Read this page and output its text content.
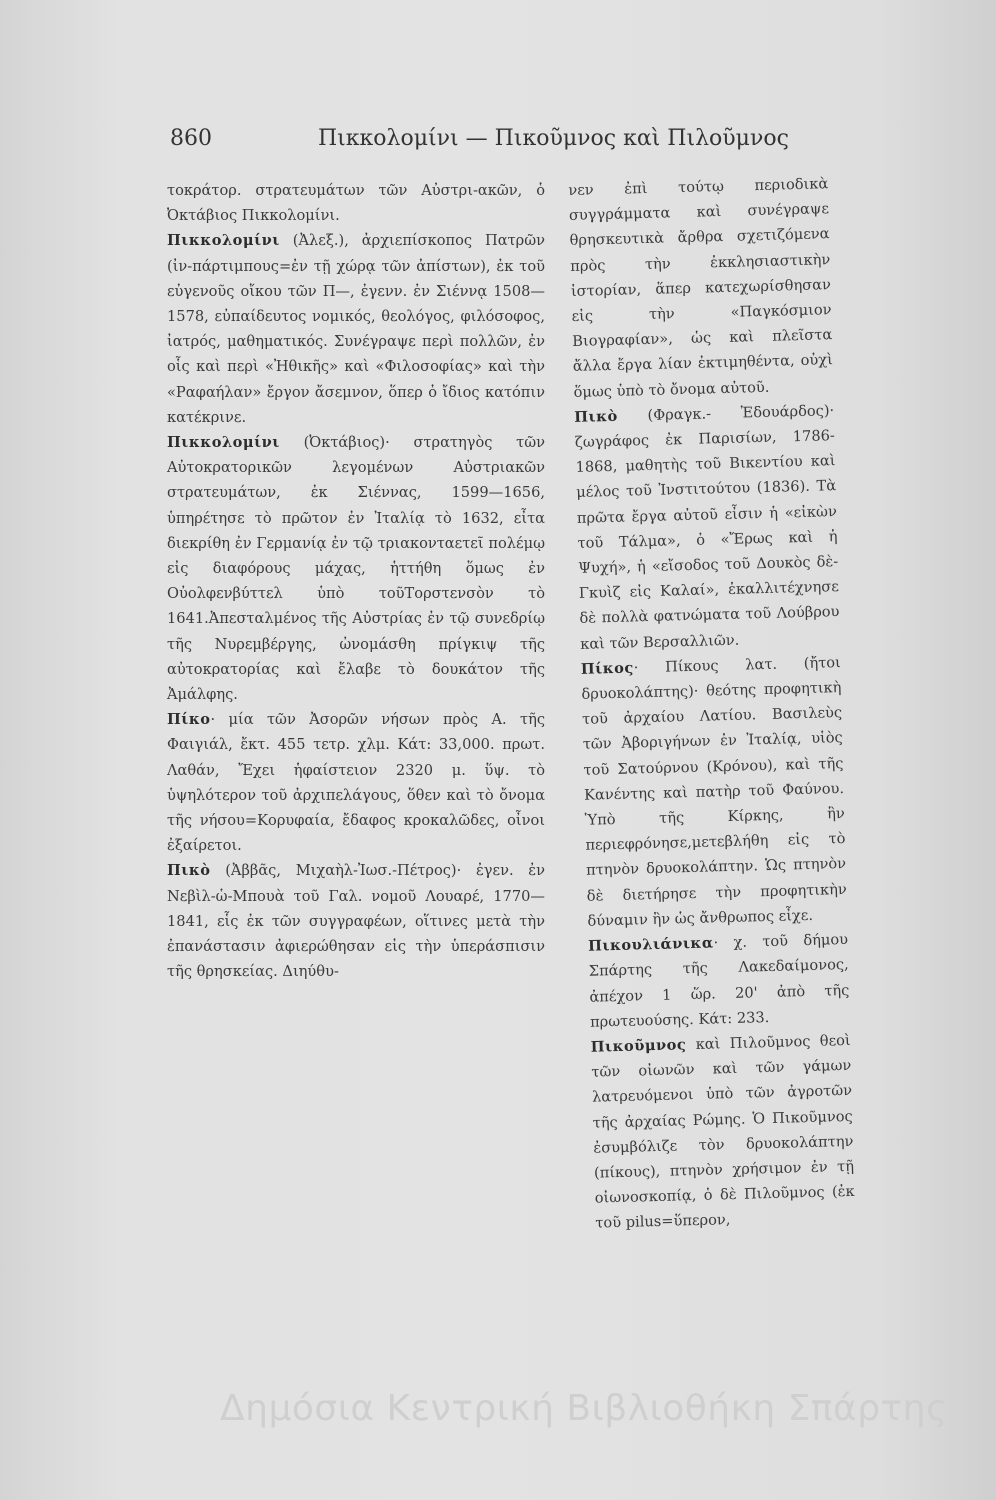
860	Πικκολομίνι — Πικοῦμνος καὶ Πιλοῦμνος

τοκράτορ. στρατευμάτων τῶν Αὐστρι-ακῶν, ὁ Ὀκτάβιος Πικκολομίνι.

Πικκολομίνι (Ἀλεξ.), ἀρχιεπίσκοπος Πατρῶν (ἰν-πάρτιμπους=ἐν τῇ χώρᾳ τῶν ἀπίστων), ἐκ τοῦ εὐγενοῦς οἴκου τῶν Π—, ἐγενν. ἐν Σιέννᾳ 1508—1578, εὐπαίδευτος νομικός, θεολόγος, φιλόσοφος, ἰατρός, μαθηματικός. Συνέγραψε περὶ πολλῶν, ἐν οἷς καὶ περὶ «Ἠθικῆς» καὶ «Φιλοσοφίας» καὶ τὴν «Ραφαήλαν» ἔργον ἄσεμνον, ὅπερ ὁ ἴδιος κατόπιν κατέκρινε.

Πικκολομίνι (Ὀκτάβιος)· στρατηγὸς τῶν Αὐτοκρατορικῶν λεγομένων Αὐστριακῶν στρατευμάτων, ἐκ Σιέννας, 1599—1656, ὑπηρέτησε τὸ πρῶτον ἐν Ἰταλίᾳ τὸ 1632, εἶτα διεκρίθη ἐν Γερμανίᾳ ἐν τῷ τριακονταετεῖ πολέμῳ εἰς διαφόρους μάχας, ἡττήθη ὅμως ἐν Οὐολφενβύττελ ὑπὸ τοῦΤορστενσὸν τὸ 1641.Ἀπεσταλμένος τῆς Αὐστρίας ἐν τῷ συνεδρίῳ τῆς Νυρεμβέργης, ὠνομάσθη πρίγκιψ τῆς αὐτοκρατορίας καὶ ἔλαβε τὸ δουκάτον τῆς Ἀμάλφης.

Πίκο· μία τῶν Ἀσορῶν νήσων πρὸς Α. τῆς Φαιγιάλ, ἔκτ. 455 τετρ. χλμ. Κάτ: 33,000. πρωτ. Λαθάν, Ἔχει ἡφαίστειον 2320 μ. ὕψ. τὸ ὑψηλότερον τοῦ ἀρχιπελάγους, ὅθεν καὶ τὸ ὄνομα τῆς νήσου=Κορυφαία, ἔδαφος κροκαλῶδες, οἶνοι ἐξαίρετοι.

Πικὸ (Ἀββᾶς, Μιχαὴλ-Ἰωσ.-Πέτρος)· ἐγεν. ἐν Νεβὶλ-ὡ-Μπουὰ τοῦ Γαλ. νομοῦ Λουαρέ, 1770—1841, εἷς ἐκ τῶν συγγραφέων, οἵτινες μετὰ τὴν ἐπανάστασιν ἀφιερώθησαν εἰς τὴν ὑπεράσπισιν τῆς θρησκείας. Διηύθυ-

νεν ἐπὶ τούτῳ περιοδικὰ συγγράμματα καὶ συνέγραψε θρησκευτικὰ ἄρθρα σχετιζόμενα πρὸς τὴν ἐκκλησιαστικὴν ἱστορίαν, ἅπερ κατεχωρίσθησαν εἰς τὴν «Παγκόσμιον Βιογραφίαν», ὡς καὶ πλεῖστα ἄλλα ἔργα λίαν ἐκτιμηθέντα, οὐχὶ ὅμως ὑπὸ τὸ ὄνομα αὐτοῦ.

Πικὸ (Φραγκ.- Ἐδουάρδος)· ζωγράφος ἐκ Παρισίων, 1786-1868, μαθητὴς τοῦ Βικεντίου καὶ μέλος τοῦ Ἰνστιτούτου (1836). Τὰ πρῶτα ἔργα αὐτοῦ εἶσιν ἡ «εἰκὼν τοῦ Τάλμα», ὁ «Ἔρως καὶ ἡ Ψυχή», ἡ «εἴσοδος τοῦ Δουκὸς δὲ-Γκυὶζ εἰς Καλαί», ἐκαλλιτέχνησε δὲ πολλὰ φατνώματα τοῦ Λούβρου καὶ τῶν Βερσαλλιῶν.

Πίκος· Πίκους λατ. (ἤτοι δρυοκολάπτης)· θεότης προφητικὴ τοῦ ἀρχαίου Λατίου. Βασιλεὺς τῶν Ἀβοριγήνων ἐν Ἰταλίᾳ, υἱὸς τοῦ Σατούρνου (Κρόνου), καὶ τῆς Κανέντης καὶ πατὴρ τοῦ Φαύνου. Ὑπὸ τῆς Κίρκης, ἣν περιεφρόνησε,μετεβλήθη εἰς τὸ πτηνὸν δρυοκολάπτην. Ὡς πτηνὸν δὲ διετήρησε τὴν προφητικὴν δύναμιν ἣν ὡς ἄνθρωπος εἶχε.

Πικουλιάνικα· χ. τοῦ δήμου Σπάρτης τῆς Λακεδαίμονος, ἀπέχον 1 ὥρ. 20' ἀπὸ τῆς πρωτευούσης. Κάτ: 233.

Πικοῦμνος καὶ Πιλοῦμνος θεοὶ τῶν οἰωνῶν καὶ τῶν γάμων λατρευόμενοι ὑπὸ τῶν ἀγροτῶν τῆς ἀρχαίας Ρώμης. Ὁ Πικοῦμνος ἐσυμβόλιζε τὸν δρυοκολάπτην (πίκους), πτηνὸν χρήσιμον ἐν τῇ οἰωνοσκοπίᾳ, ὁ δὲ Πιλοῦμνος (ἐκ τοῦ pilus=ὕπερον,

Δημόσια Κεντρική Βιβλιοθήκη Σπάρτης
